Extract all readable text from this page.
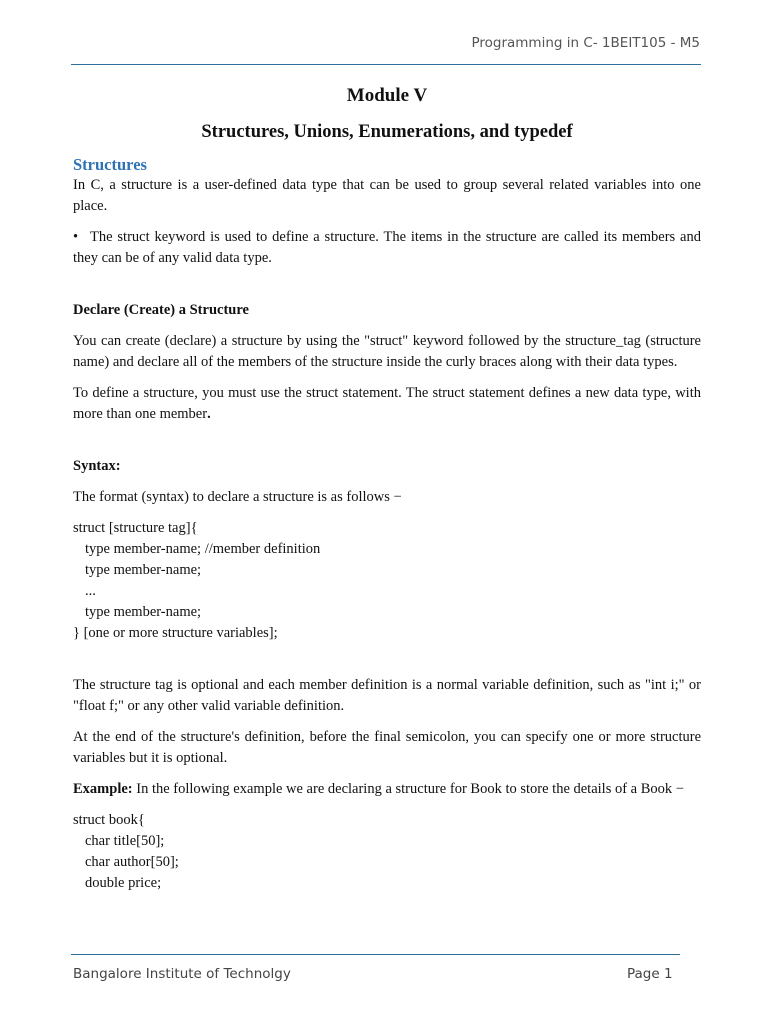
Programming in C- 1BEIT105 - M5
Module V
Structures, Unions, Enumerations, and typedef
Structures

In C, a structure is a user-defined data type that can be used to group several related variables into one place.

• The struct keyword is used to define a structure. The items in the structure are called its members and they can be of any valid data type.

Declare (Create) a Structure

You can create (declare) a structure by using the "struct" keyword followed by the structure_tag (structure name) and declare all of the members of the structure inside the curly braces along with their data types.

To define a structure, you must use the struct statement. The struct statement defines a new data type, with more than one member.

Syntax:

The format (syntax) to declare a structure is as follows −

struct [structure tag]{
type member-name; //member definition
type member-name;
...
type member-name;
} [one or more structure variables];

The structure tag is optional and each member definition is a normal variable definition, such as "int i;" or "float f;" or any other valid variable definition.

At the end of the structure's definition, before the final semicolon, you can specify one or more structure variables but it is optional.

Example: In the following example we are declaring a structure for Book to store the details of a Book −

struct book{
char title[50];
char author[50];
double price;
Bangalore Institute of Technolgy	Page 1
